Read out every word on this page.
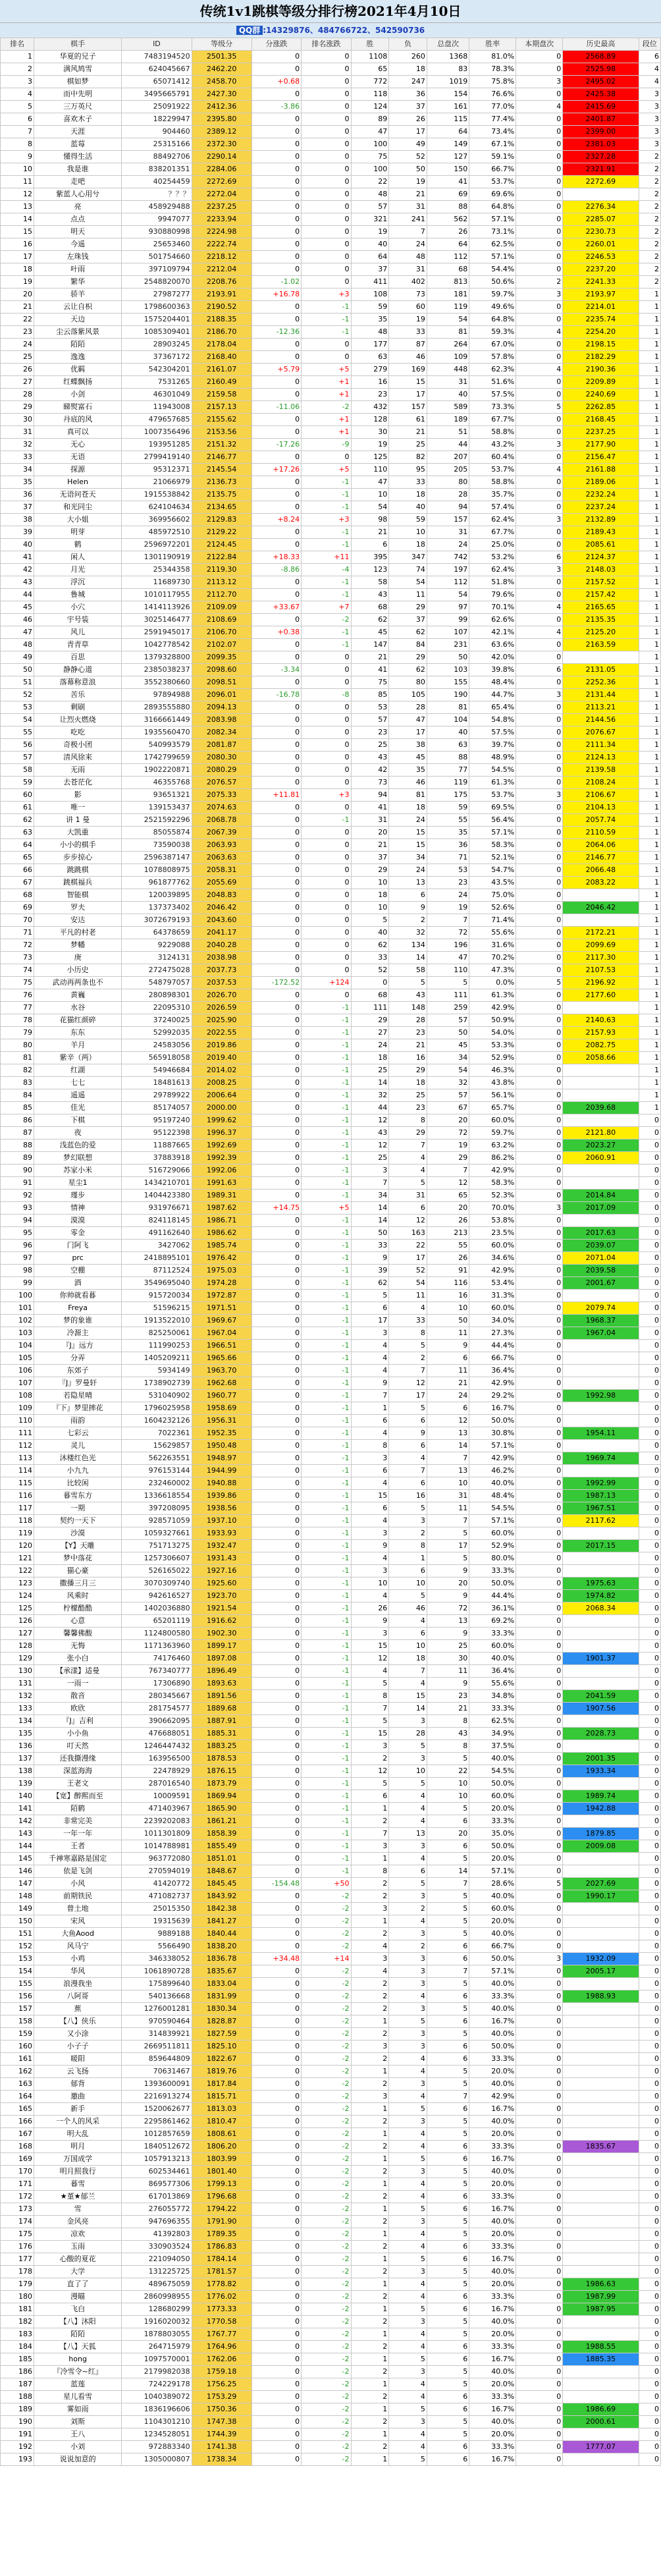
传统1v1跳棋等级分排行榜2021年4月10日
QQ群 :14329876、484766722、542590736
排名	棋手	ID	等级分	分涨跌	排名涨跌	胜	负	总盘次	胜率	本期盘次	历史最高	段位
1	华夏的兄子	7483194520	2501.35	0	0	1108	260	1368	81.0%	0	2568.89	6
2	满风鸠雪	624045667	2462.20	0	0	65	18	83	78.3%	0	2525.98	4
3	棋如梦	65071412	2458.70	+0.68	0	772	247	1019	75.8%	3	2495.02	4
4	而中先明	3495665791	2427.30	0	0	118	36	154	76.6%	0	2425.38	3
5	三万英尺	25091922	2412.36	-3.86	0	124	37	161	77.0%	4	2415.69	3
6	喜欢木子	18229947	2395.80	0	0	89	26	115	77.4%	0	2401.87	3
7	天涯	904460	2389.12	0	0	47	17	64	73.4%	0	2399.00	3
8	蓝莓	25315166	2372.30	0	0	100	49	149	67.1%	0	2381.03	3
9	懂得生活	88492706	2290.14	0	0	75	52	127	59.1%	0	2327.28	2
10	我是谁	838201351	2284.06	0	0	100	50	150	66.7%	0	2321.91	2
11	走吧	40254459	2272.69	0	0	22	19	41	53.7%	0	2272.69	2
12	紫蓝人心用兮	？？？	2272.04	0	0	48	21	69	69.6%	0		2
13	亮	458929488	2237.25	0	0	57	31	88	64.8%	0	2276.34	2
14	点点	9947077	2233.94	0	0	321	241	562	57.1%	0	2285.07	2
15	明天	930880998	2224.98	0	0	19	7	26	73.1%	0	2230.73	2
16	今遥	25653460	2222.74	0	0	40	24	64	62.5%	0	2260.01	2
17	左珠钱	501754660	2218.12	0	0	64	48	112	57.1%	0	2246.53	2
18	叶雨	397109794	2212.04	0	0	37	31	68	54.4%	0	2237.20	2
19	繁华	2548820070	2208.76	-1.02	0	411	402	813	50.6%	2	2241.33	2
20	骄羊	27987277	2193.91	+16.78	+3	108	73	181	59.7%	3	2193.97	1
21	云让自枳	1798600363	2190.52	0	-1	59	60	119	49.6%	0	2214.01	1
22	天边	1575204401	2188.35	0	-1	35	19	54	64.8%	0	2235.74	1
23	尘云落紫风景	1085309401	2186.70	-12.36	-1	48	33	81	59.3%	4	2254.20	1
24	陌陌	28903245	2178.04	0	0	177	87	264	67.0%	0	2198.15	1
25	逸逸	37367172	2168.40	0	0	63	46	109	57.8%	0	2182.29	1
26	优羁	542304201	2161.07	+5.79	+5	279	169	448	62.3%	4	2190.36	1
27	红蝶飘扬	7531265	2160.49	0	+1	16	15	31	51.6%	0	2209.89	1
28	小剑	46301049	2159.58	0	+1	23	17	40	57.5%	0	2240.69	1
29	睇熨富石	11943008	2157.13	-11.06	-2	432	157	589	73.3%	5	2262.85	1
30	丹底的风	479657685	2155.62	0	+1	128	61	189	67.7%	0	2168.45	1
31	真可以	1007356496	2153.56	0	+1	30	21	51	58.8%	0	2237.25	1
32	无心	193951285	2151.32	-17.26	-9	19	25	44	43.2%	3	2177.90	1
33	无语	2799419140	2146.77	0	0	125	82	207	60.4%	0	2156.47	1
34	探源	95312371	2145.54	+17.26	+5	110	95	205	53.7%	4	2161.88	1
35	Helen	21066979	2136.73	0	-1	47	33	80	58.8%	0	2189.06	1
36	无语问苍天	1915538842	2135.75	0	-1	10	18	28	35.7%	0	2232.24	1
37	和光同尘	624104634	2134.65	0	-1	54	40	94	57.4%	0	2237.24	1
38	大小姐	369956602	2129.83	+8.24	+3	98	59	157	62.4%	3	2132.89	1
39	明芽	485972510	2129.22	0	-1	21	10	31	67.7%	0	2189.43	1
40	鹤	2596972201	2124.45	0	-1	6	18	24	25.0%	0	2085.61	1
41	闲人	1301190919	2122.84	+18.33	+11	395	347	742	53.2%	6	2124.37	1
42	月光	25344358	2119.30	-8.86	-4	123	74	197	62.4%	3	2148.03	1
43	浮沉	11689730	2113.12	0	-1	58	54	112	51.8%	0	2157.52	1
44	鲁城	1010117955	2112.70	0	-1	43	11	54	79.6%	0	2157.42	1
45	小穴	1414113926	2109.09	+33.67	+7	68	29	97	70.1%	4	2165.65	1
46	宇号装	3025146477	2108.69	0	-2	62	37	99	62.6%	0	2135.35	1
47	风儿	2591945017	2106.70	+0.38	-1	45	62	107	42.1%	4	2125.20	1
48	青青草	1042778542	2102.07	0	-1	147	84	231	63.6%	0	2163.59	1
49	百思	1379328800	2099.35	0	0	21	29	50	42.0%	0		1
50	静静心道	2385038237	2098.60	-3.34	0	41	62	103	39.8%	6	2131.05	1
51	落幕称意浪	3552380660	2098.51	0	0	75	80	155	48.4%	0	2252.36	1
52	苦乐	97894988	2096.01	-16.78	-8	85	105	190	44.7%	3	2131.44	1
53	剩刷	2893555880	2094.13	0	0	53	28	81	65.4%	0	2113.21	1
54	让烈火燃烧	3166661449	2083.98	0	0	57	47	104	54.8%	0	2144.56	1
55	吃吃	1935560470	2082.34	0	0	23	17	40	57.5%	0	2076.67	1
56	奇极小团	540993579	2081.87	0	0	25	38	63	39.7%	0	2111.34	1
57	清风徐来	1742799659	2080.30	0	0	43	45	88	48.9%	0	2124.13	1
58	无雨	1902220871	2080.29	0	0	42	35	77	54.5%	0	2139.58	1
59	去苍茫化	46355768	2076.57	0	0	73	46	119	61.3%	0	2108.24	1
60	影	93651321	2075.33	+11.81	+3	94	81	175	53.7%	3	2106.67	1
61	唯一	139153437	2074.63	0	0	41	18	59	69.5%	0	2104.13	1
62	讲 1 曼	2521592296	2068.78	0	-1	31	24	55	56.4%	0	2057.74	1
63	大凯重	85055874	2067.39	0	0	20	15	35	57.1%	0	2110.59	1
64	小小的棋手	73590038	2063.93	0	0	21	15	36	58.3%	0	2064.06	1
65	步步掠心	2596387147	2063.63	0	0	37	34	71	52.1%	0	2146.77	1
66	跳跳棋	1078808975	2058.31	0	0	29	24	53	54.7%	0	2066.48	1
67	跳棋福兵	961877762	2055.69	0	0	10	13	23	43.5%	0	2083.22	1
68	智能棋	120039895	2048.83	0	0	18	6	24	75.0%	0		1
69	罗夫	137373402	2046.42	0	0	10	9	19	52.6%	0	2046.42	1
70	安达	3072679193	2043.60	0	0	5	2	7	71.4%	0		1
71	平凡的村老	64378659	2041.17	0	0	40	32	72	55.6%	0	2172.21	1
72	梦幡	9229088	2040.28	0	0	62	134	196	31.6%	0	2099.69	1
73	庚	3124131	2038.98	0	0	33	14	47	70.2%	0	2117.30	1
74	小历史	272475028	2037.73	0	0	52	58	110	47.3%	0	2107.53	1
75	武动再两条也不	548797057	2037.53	-172.52	+124	0	5	5	0.0%	5	2196.92	1
76	黄巍	280898301	2026.70	0	0	68	43	111	61.3%	0	2177.60	1
77	水谷	22095310	2026.59	0	-1	111	148	259	42.9%	0		1
78	花猫红颜碎	37240025	2025.90	0	-1	29	28	57	50.9%	0	2140.63	1
79	东东	52992035	2022.55	0	-1	27	23	50	54.0%	0	2157.93	1
80	羊月	24583056	2019.86	0	-1	24	21	45	53.3%	0	2082.75	1
81	紫辛（两）	565918058	2019.40	0	-1	18	16	34	52.9%	0	2058.66	1
82	红湖	54946684	2014.02	0	-1	25	29	54	46.3%	0		1
83	七七	18481613	2008.25	0	-1	14	18	32	43.8%	0		1
84	遥遥	29789922	2006.64	0	-1	32	25	57	56.1%	0		1
85	佳光	85174057	2000.00	0	-1	44	23	67	65.7%	0	2039.68	1
86	下棋	95197240	1999.62	0	-1	12	8	20	60.0%	0		0
87	夜	95122398	1996.37	0	-1	43	29	72	59.7%	0	2121.80	0
88	浅蓝色的爱	11887665	1992.69	0	-1	12	7	19	63.2%	0	2023.27	0
89	梦幻联想	37883918	1992.39	0	-1	25	4	29	86.2%	0	2060.91	0
90	苏家小米	516729066	1992.06	0	-1	3	4	7	42.9%	0		0
91	星尘1	1434210701	1991.63	0	-1	7	5	12	58.3%	0		0
92	瑾步	1404423380	1989.31	0	-1	34	31	65	52.3%	0	2014.84	0
93	情神	931976671	1987.62	+14.75	+5	14	6	20	70.0%	3	2017.09	0
94	漠漠	824118145	1986.71	0	-1	14	12	26	53.8%	0		0
95	零金	491162640	1986.62	0	-1	50	163	213	23.5%	0	2017.63	0
96	门阿飞	3427062	1985.74	0	-1	33	22	55	60.0%	0	2039.07	0
97	prc	2418895101	1976.42	0	-1	9	17	26	34.6%	0	2071.04	0
98	空棚	87112524	1975.03	0	-1	39	52	91	42.9%	0	2039.58	0
99	酒	3549695040	1974.28	0	-1	62	54	116	53.4%	0	2001.67	0
100	你帅就看暮	915720034	1972.87	0	-1	5	11	16	31.3%	0		0
101	Freya	51596215	1971.51	0	-1	6	4	10	60.0%	0	2079.74	0
102	梦的象谁	1913522010	1969.67	0	-1	17	33	50	34.0%	0	1968.37	0
103	冷源主	825250061	1967.04	0	-1	3	8	11	27.3%	0	1967.04	0
104	『J』远方	111990253	1966.51	0	-1	4	5	9	44.4%	0		0
105	分弄	1405209211	1965.66	0	-1	4	2	6	66.7%	0		0
106	东郊子	5934149	1963.70	0	-1	4	7	11	36.4%	0		0
107	『J』罗曼轩	1738902739	1962.68	0	-1	9	12	21	42.9%	0		0
108	若隐星晴	531040902	1960.77	0	-1	7	17	24	29.2%	0	1992.98	0
109	『下』梦里摔花	1796025958	1958.69	0	-1	1	5	6	16.7%	0		0
110	雨韵	1604232126	1956.31	0	-1	6	6	12	50.0%	0		0
111	七彩云	7022361	1952.35	0	-1	4	9	13	30.8%	0	1954.11	0
112	灵儿	15629857	1950.48	0	-1	8	6	14	57.1%	0		0
113	沐楼红色光	562263551	1948.97	0	-1	3	4	7	42.9%	0	1969.74	0
114	小九九	976153144	1944.99	0	-1	6	7	13	46.2%	0		0
115	比较闲	232460002	1940.88	0	-1	4	6	10	40.0%	0	1992.99	0
116	暮雪东方	1336618554	1939.86	0	-1	15	16	31	48.4%	0	1987.13	0
117	一期	397208095	1938.56	0	-1	6	5	11	54.5%	0	1967.51	0
118	契约一天下	928571059	1937.10	0	-1	4	3	7	57.1%	0	2117.62	0
119	沙漠	1059327661	1933.93	0	-1	3	2	5	60.0%	0		0
120	【Y】天雕	751713275	1932.47	0	-1	9	8	17	52.9%	0	2017.15	0
121	梦中落花	1257306607	1931.43	0	-1	4	1	5	80.0%	0		0
122	猫心豪	526165022	1927.16	0	-1	3	6	9	33.3%	0		0
123	撒播三月三	3070309740	1925.60	0	-1	10	10	20	50.0%	0	1975.63	0
124	风乘时	942616527	1923.70	0	-1	4	5	9	44.4%	0	1974.82	0
125	柠檬酷酷	1402036880	1921.54	0	-1	26	46	72	36.1%	0	2068.34	0
126	心意	65201119	1916.62	0	-1	9	4	13	69.2%	0		0
127	馨馨佛酸	1124800580	1902.30	0	-1	3	6	9	33.3%	0		0
128	无悔	1171363960	1899.17	0	-1	15	10	25	60.0%	0		0
129	张小白	74176460	1897.08	0	-1	12	18	30	40.0%	0	1901.37	0
130	【承漾】适曼	767340777	1896.49	0	-1	4	7	11	36.4%	0		0
131	一雨一	17306890	1893.63	0	-1	5	4	9	55.6%	0		0
132	散音	280345667	1891.56	0	-1	8	15	23	34.8%	0	2041.59	0
133	欧欣	281754577	1889.68	0	-1	7	14	21	33.3%	0	1907.56	0
134	『J』吉利	390662095	1887.91	0	-1	5	3	8	62.5%	0		0
135	小小鱼	476688051	1885.31	0	-1	15	28	43	34.9%	0	2028.73	0
136	叮天然	1246447432	1883.25	0	-1	3	5	8	37.5%	0		0
137	还我撕漫缘	163956500	1878.53	0	-1	2	3	5	40.0%	0	2001.35	0
138	深蓝海海	22478929	1876.15	0	-1	12	10	22	54.5%	0	1933.34	0
139	王老文	287016540	1873.79	0	-1	5	5	10	50.0%	0		0
140	【宽】醉熙而至	10009591	1869.94	0	-1	6	4	10	60.0%	0	1989.74	0
141	陌鹤	471403967	1865.90	0	-1	1	4	5	20.0%	0	1942.88	0
142	非常完美	2239202083	1861.21	0	-1	2	4	6	33.3%	0		0
143	一年一年	1011301809	1858.39	0	-1	7	13	20	35.0%	0	1879.85	0
144	王者	1014788981	1855.49	0	-1	3	3	6	50.0%	0	2009.08	0
145	千禅寒嘉路是国定	963772080	1851.01	0	-1	1	4	5	20.0%	0		0
146	依是飞剑	270594019	1848.67	0	-1	8	6	14	57.1%	0		0
147	小风	41420772	1845.45	-154.48	+50	2	5	7	28.6%	5	2027.69	0
148	前期铁民	471082737	1843.92	0	-2	2	3	5	40.0%	0	1990.17	0
149	曾土地	25015350	1842.38	0	-2	3	2	5	60.0%	0		0
150	宋风	19315639	1841.27	0	-2	1	4	5	20.0%	0		0
151	大鱼Aood	9889188	1840.44	0	-2	2	3	5	40.0%	0		0
152	风马宁	5566490	1838.20	0	-2	4	2	6	66.7%	0		0
153	小鸡	346338052	1836.78	+34.48	+14	3	3	6	50.0%	3	1932.09	0
154	华风	1061890728	1835.67	0	-2	4	3	7	57.1%	0	2005.17	0
155	浪漫我坐	175899640	1833.04	0	-2	2	3	5	40.0%	0		0
156	八阿哥	540136668	1831.99	0	-2	2	4	6	33.3%	0	1988.93	0
157	蕉	1276001281	1830.34	0	-2	2	3	5	40.0%	0		0
158	【八】侠乐	970590464	1828.87	0	-2	1	5	6	16.7%	0		0
159	又小涂	314839921	1827.59	0	-2	2	3	5	40.0%	0		0
160	小子子	2669511811	1825.10	0	-2	3	3	6	50.0%	0		0
161	暖阳	859644809	1822.67	0	-2	2	4	6	33.3%	0		0
162	云飞扬	70631467	1819.76	0	-2	1	4	5	20.0%	0		0
163	郁背	1393600091	1817.84	0	-2	2	3	5	40.0%	0		0
164	邀曲	2216913274	1815.71	0	-2	3	4	7	42.9%	0		0
165	新手	1520062677	1813.03	0	-2	1	5	6	16.7%	0		0
166	一个人的风采	2295861462	1810.47	0	-2	2	3	5	40.0%	0		0
167	明大乱	1012857659	1808.61	0	-2	1	4	5	20.0%	0		0
168	明月	1840512672	1806.20	0	-2	2	4	6	33.3%	0	1835.67	0
169	万国成学	1057913213	1803.99	0	-2	1	5	6	16.7%	0		0
170	明月照我行	602534461	1801.40	0	-2	2	3	5	40.0%	0		0
171	暮雪	869577306	1799.13	0	-2	1	4	5	20.0%	0		0
172	★堇★郁兰	617013869	1796.68	0	-2	2	4	6	33.3%	0		0
173	雪	276055772	1794.22	0	-2	1	5	6	16.7%	0		0
174	金风亮	947696355	1791.90	0	-2	2	3	5	40.0%	0		0
175	凉欢	41392803	1789.35	0	-2	1	4	5	20.0%	0		0
176	玉雨	330903524	1786.83	0	-2	2	4	6	33.3%	0		0
177	心酸的夏花	221094050	1784.14	0	-2	1	5	6	16.7%	0		0
178	大学	131225725	1781.57	0	-2	2	3	5	40.0%	0		0
179	直了了	489675059	1778.82	0	-2	1	4	5	20.0%	0	1986.63	0
180	漫瞄	2860998955	1776.02	0	-2	2	4	6	33.3%	0	1987.99	0
181	飞白	128680299	1773.33	0	-2	1	5	6	16.7%	0	1987.95	0
182	【八】沐阳	1916020032	1770.58	0	-2	2	3	5	40.0%	0		0
183	陌陌	1878803055	1767.77	0	-2	1	4	5	20.0%	0		0
184	【八】天狐	264715979	1764.96	0	-2	2	4	6	33.3%	0	1988.55	0
185	hong	1097570001	1762.06	0	-2	1	5	6	16.7%	0	1885.35	0
186	『冷雪令~红』	2179982038	1759.18	0	-2	2	3	5	40.0%	0		0
187	蓝莲	724229178	1756.25	0	-2	1	4	5	20.0%	0		0
188	星儿看雪	1040389072	1753.29	0	-2	2	4	6	33.3%	0		0
189	雾如雨	1836196606	1750.36	0	-2	1	5	6	16.7%	0	1986.69	0
190	刘斯	1104301210	1747.38	0	-2	2	3	5	40.0%	0	2000.61	0
191	王八	1234528051	1744.39	0	-2	1	4	5	20.0%	0		0
192	小刘	972883340	1741.38	0	-2	2	4	6	33.3%	0	1777.07	0
193	说说加意的	1305000807	1738.34	0	-2	1	5	6	16.7%	0		0
